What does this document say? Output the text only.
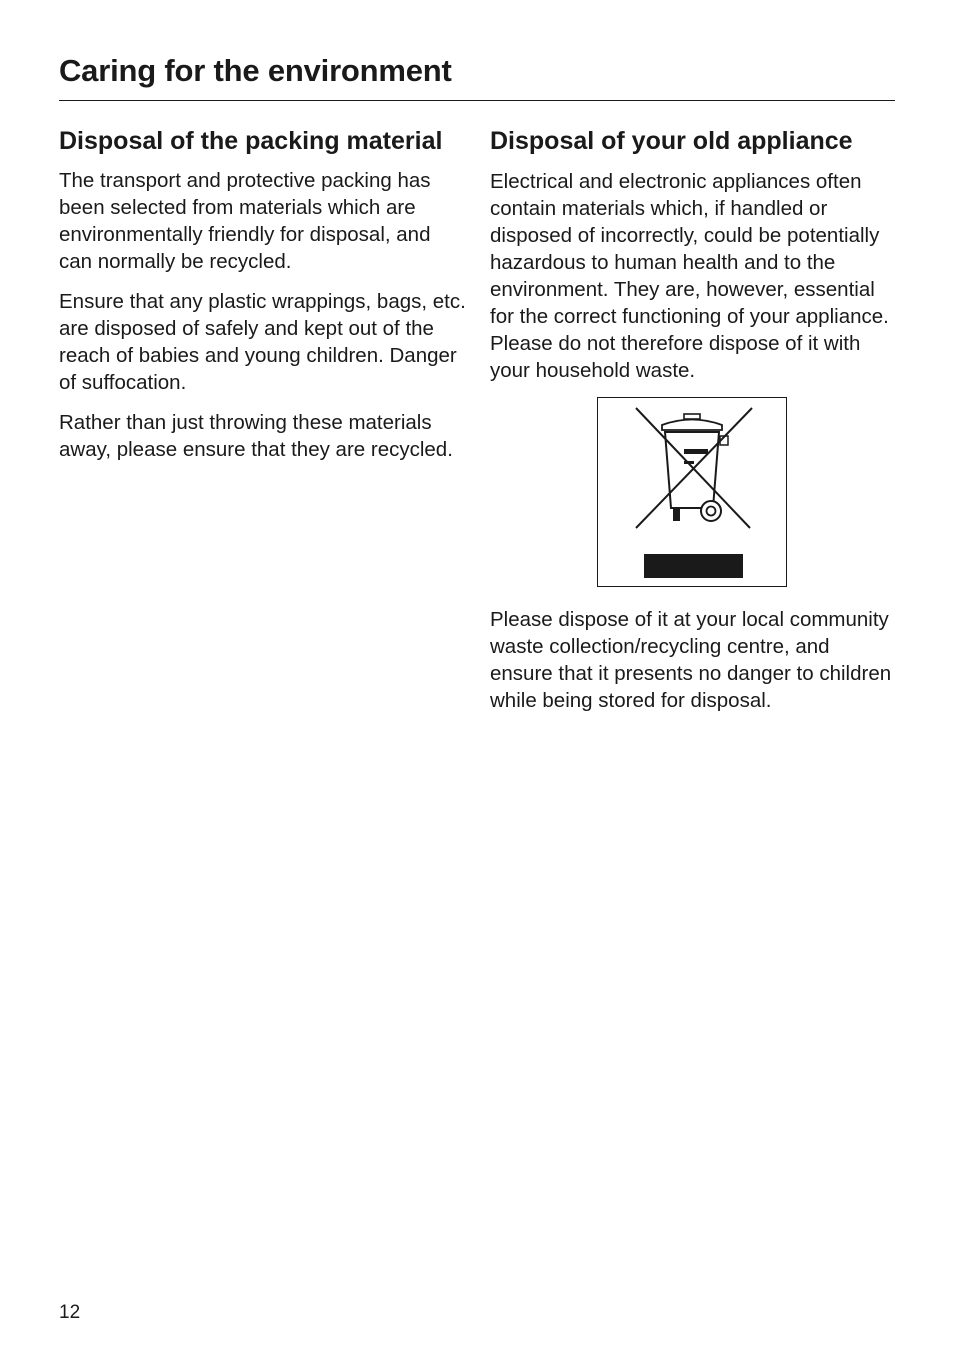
Caring for the environment
Disposal of the packing material

The transport and protective packing has been selected from materials which are environmentally friendly for disposal, and can normally be recycled.

Ensure that any plastic wrappings, bags, etc. are disposed of safely and kept out of the reach of babies and young children. Danger of suffocation.

Rather than just throwing these materials away, please ensure that they are recycled.

Disposal of your old appliance

Electrical and electronic appliances often contain materials which, if handled or disposed of incorrectly, could be potentially hazardous to human health and to the environment. They are, however, essential for the correct functioning of your appliance. Please do not therefore dispose of it with your household waste.

Please dispose of it at your local community waste collection/recycling centre, and ensure that it presents no danger to children while being stored for disposal.

12
